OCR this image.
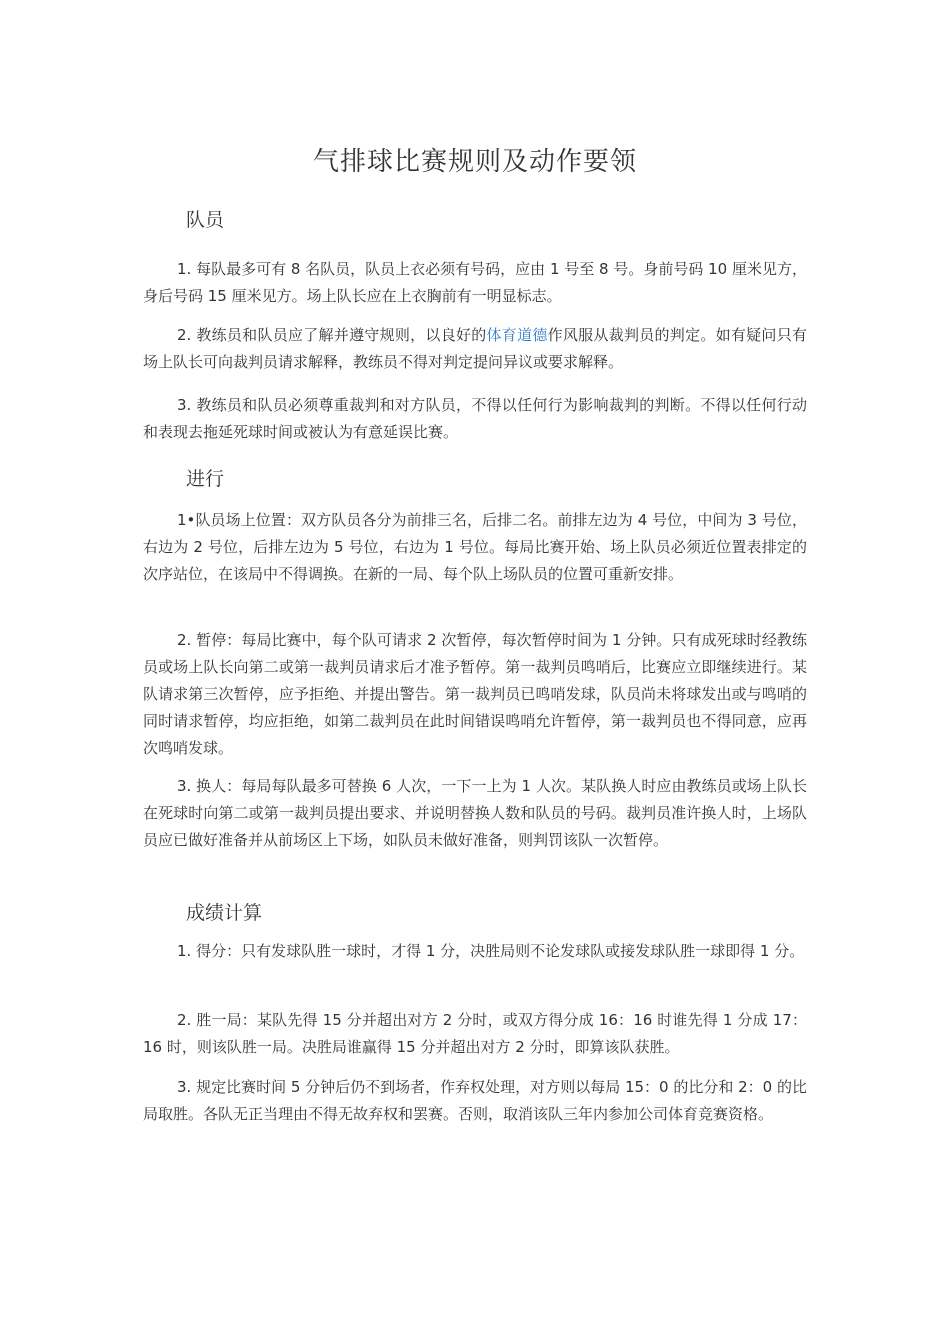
气排球比赛规则及动作要领
队员

1. 每队最多可有 8 名队员，队员上衣必须有号码，应由 1 号至 8 号。身前号码 10 厘米见方，身后号码 15 厘米见方。场上队长应在上衣胸前有一明显标志。

2. 教练员和队员应了解并遵守规则，以良好的体育道德作风服从裁判员的判定。如有疑问只有场上队长可向裁判员请求解释，教练员不得对判定提问异议或要求解释。

3. 教练员和队员必须尊重裁判和对方队员，不得以任何行为影响裁判的判断。不得以任何行动和表现去拖延死球时间或被认为有意延误比赛。

进行

1•队员场上位置：双方队员各分为前排三名，后排二名。前排左边为 4 号位，中间为 3 号位，右边为 2 号位，后排左边为 5 号位，右边为 1 号位。每局比赛开始、场上队员必须近位置表排定的次序站位，在该局中不得调换。在新的一局、每个队上场队员的位置可重新安排。

2. 暂停：每局比赛中，每个队可请求 2 次暂停，每次暂停时间为 1 分钟。只有成死球时经教练员或场上队长向第二或第一裁判员请求后才准予暂停。第一裁判员鸣哨后，比赛应立即继续进行。某队请求第三次暂停，应予拒绝、并提出警告。第一裁判员已鸣哨发球，队员尚未将球发出或与鸣哨的同时请求暂停，均应拒绝，如第二裁判员在此时间错误鸣哨允许暂停，第一裁判员也不得同意，应再次鸣哨发球。

3. 换人：每局每队最多可替换 6 人次，一下一上为 1 人次。某队换人时应由教练员或场上队长在死球时向第二或第一裁判员提出要求、并说明替换人数和队员的号码。裁判员准许换人时，上场队员应已做好准备并从前场区上下场，如队员未做好准备，则判罚该队一次暂停。

成绩计算

1. 得分：只有发球队胜一球时，才得 1 分，决胜局则不论发球队或接发球队胜一球即得 1 分。

2. 胜一局：某队先得 15 分并超出对方 2 分时，或双方得分成 16：16 时谁先得 1 分成 17：16 时，则该队胜一局。决胜局谁赢得 15 分并超出对方 2 分时，即算该队获胜。

3. 规定比赛时间 5 分钟后仍不到场者，作弃权处理，对方则以每局 15：0 的比分和 2：0 的比局取胜。各队无正当理由不得无故弃权和罢赛。否则，取消该队三年内参加公司体育竞赛资格。
